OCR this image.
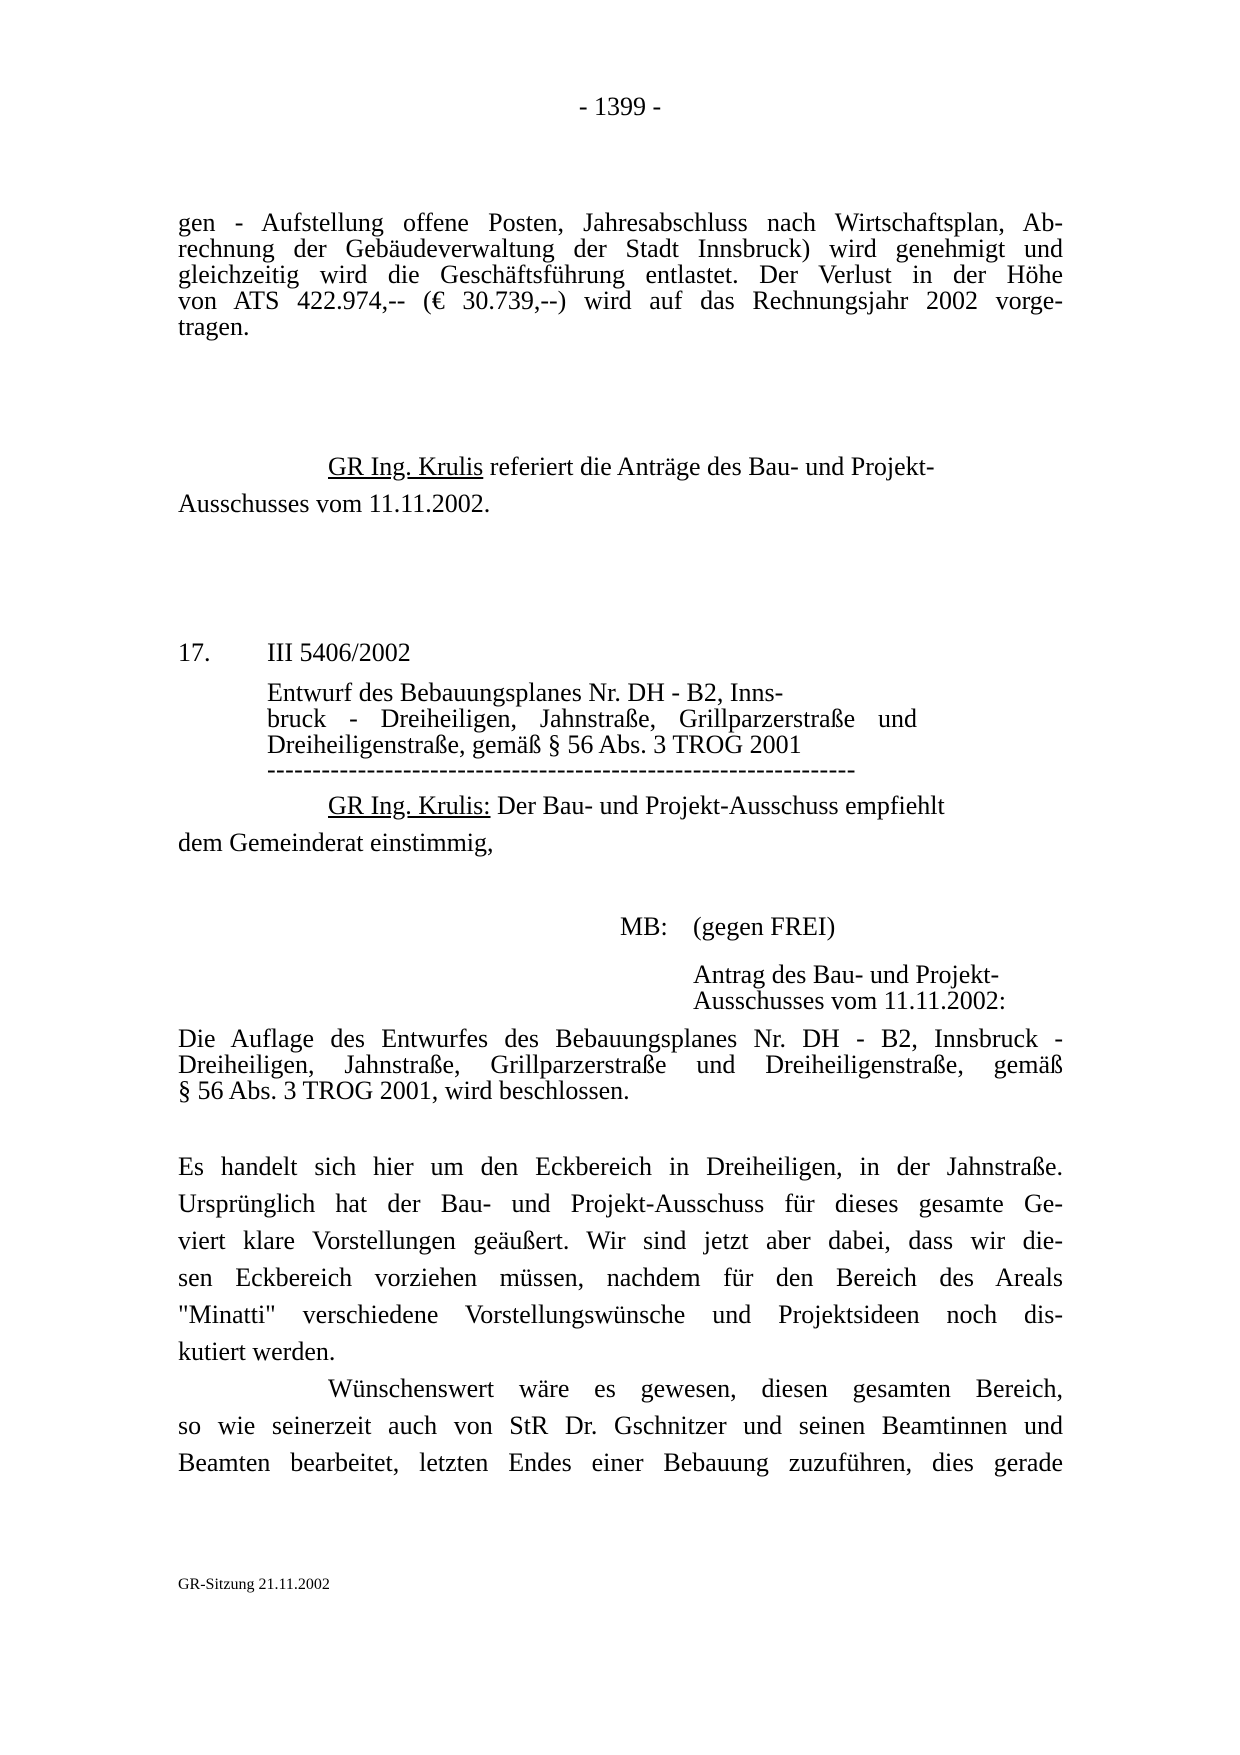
- 1399 -
gen - Aufstellung offene Posten, Jahresabschluss nach Wirtschaftsplan, Ab-
rechnung der Gebäudeverwaltung der Stadt Innsbruck) wird genehmigt und
gleichzeitig wird die Geschäftsführung entlastet. Der Verlust in der Höhe
von ATS 422.974,-- (€ 30.739,--) wird auf das Rechnungsjahr 2002 vorge-
tragen.
GR Ing. Krulis referiert die Anträge des Bau- und Projekt-
Ausschusses vom 11.11.2002.
17. III 5406/2002
Entwurf des Bebauungsplanes Nr. DH - B2, Inns-
bruck - Dreiheiligen, Jahnstraße, Grillparzerstraße und
Dreiheiligenstraße, gemäß § 56 Abs. 3 TROG 2001
-----------------------------------------------------------------
GR Ing. Krulis: Der Bau- und Projekt-Ausschuss empfiehlt
dem Gemeinderat einstimmig,
MB: (gegen FREI)
Antrag des Bau- und Projekt-
Ausschusses vom 11.11.2002:
Die Auflage des Entwurfes des Bebauungsplanes Nr. DH - B2, Innsbruck -
Dreiheiligen, Jahnstraße, Grillparzerstraße und Dreiheiligenstraße, gemäß
§ 56 Abs. 3 TROG 2001, wird beschlossen.
Es handelt sich hier um den Eckbereich in Dreiheiligen, in der Jahnstraße.
Ursprünglich hat der Bau- und Projekt-Ausschuss für dieses gesamte Ge-
viert klare Vorstellungen geäußert. Wir sind jetzt aber dabei, dass wir die-
sen Eckbereich vorziehen müssen, nachdem für den Bereich des Areals
"Minatti" verschiedene Vorstellungswünsche und Projektsideen noch dis-
kutiert werden.
Wünschenswert wäre es gewesen, diesen gesamten Bereich,
so wie seinerzeit auch von StR Dr. Gschnitzer und seinen Beamtinnen und
Beamten bearbeitet, letzten Endes einer Bebauung zuzuführen, dies gerade
GR-Sitzung 21.11.2002
